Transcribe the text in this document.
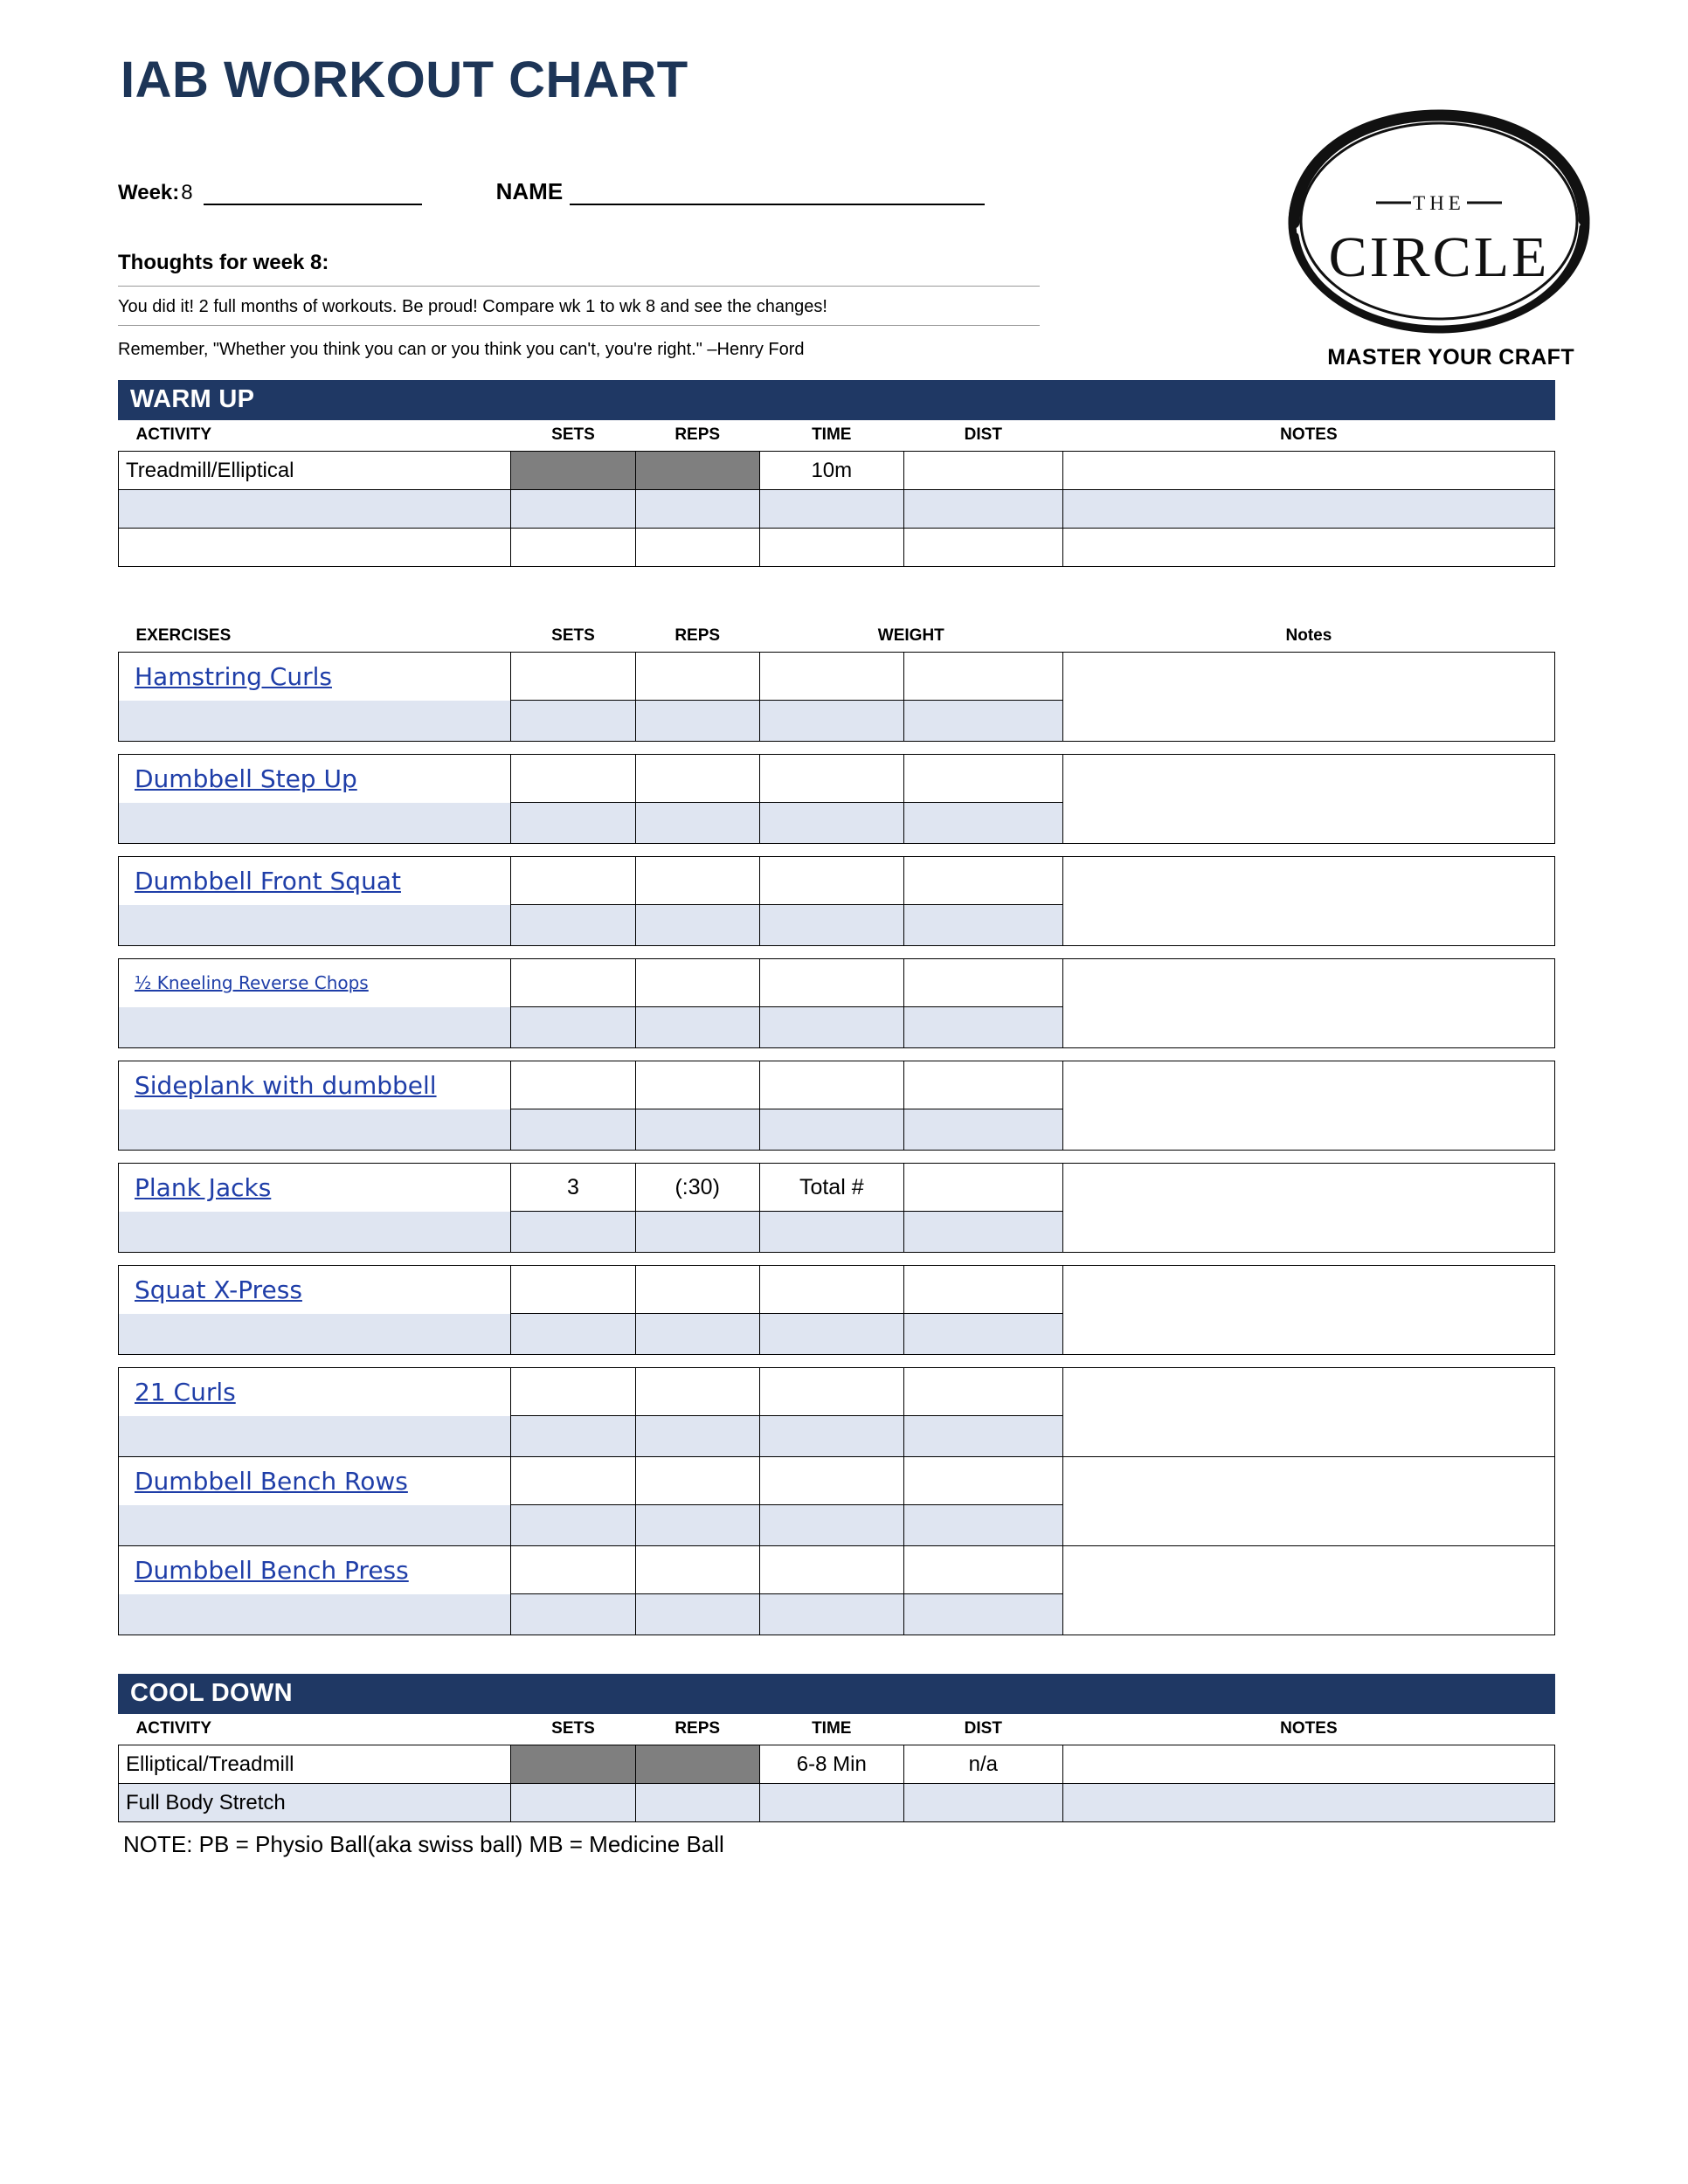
IAB WORKOUT CHART
THE
CIRCLE
MASTER YOUR CRAFT
Week: 8	NAME
Thoughts for week 8:
You did it! 2 full months of workouts. Be proud! Compare wk 1 to wk 8 and see the changes!
Remember, "Whether you think you can or you think you can't, you're right." –Henry Ford
WARM UP
ACTIVITY	SETS	REPS	TIME	DIST	NOTES
Treadmill/Elliptical			10m		

EXERCISES	SETS	REPS	WEIGHT		Notes
Hamstring Curls					

Dumbbell Step Up					

Dumbbell Front Squat					

½ Kneeling Reverse Chops					

Sideplank with dumbbell					

Plank Jacks	3	(:30)	Total #		

Squat X-Press					

21 Curls					

Dumbbell Bench Rows					

Dumbbell Bench Press					

COOL DOWN
ACTIVITY	SETS	REPS	TIME	DIST	NOTES
Elliptical/Treadmill			6-8 Min	n/a	
Full Body Stretch					
NOTE: PB = Physio Ball(aka swiss ball) MB = Medicine Ball
